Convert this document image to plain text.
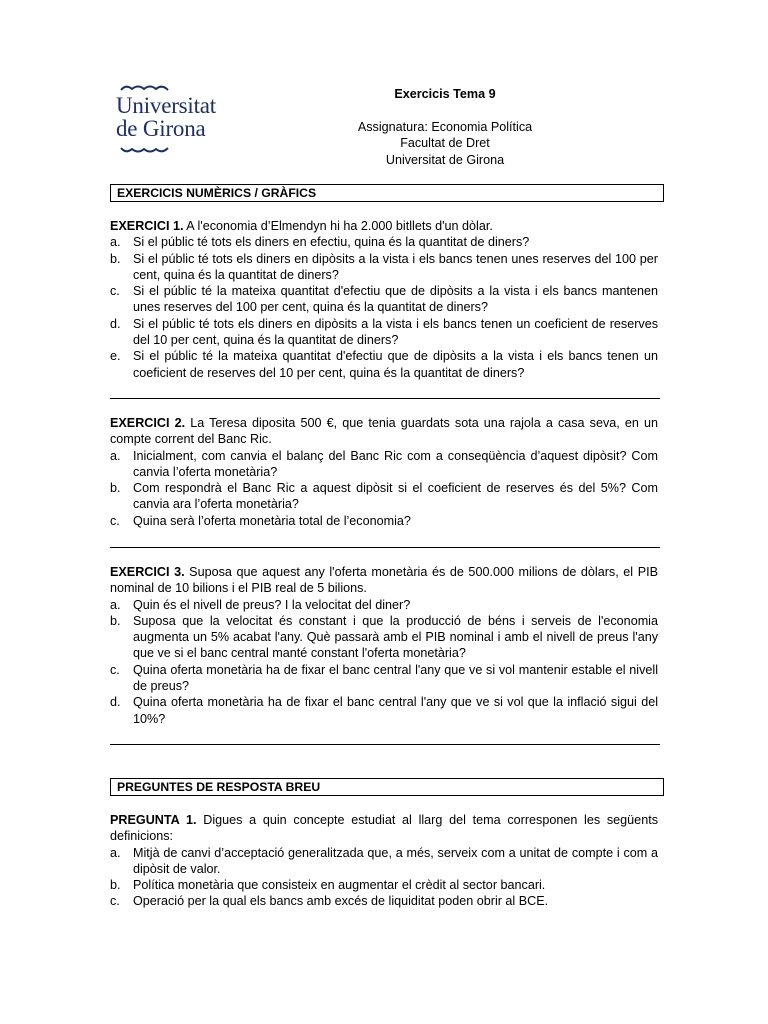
Universitat
de Girona
Exercicis Tema 9
Assignatura: Economia Política
Facultat de Dret
Universitat de Girona
EXERCICIS NUMÈRICS / GRÀFICS
EXERCICI 1. A l'economia d’Elmendyn hi ha 2.000 bitllets d'un dòlar.
a. Si el públic té tots els diners en efectiu, quina és la quantitat de diners?
b. Si el públic té tots els diners en dipòsits a la vista i els bancs tenen unes reserves del 100 per cent, quina és la quantitat de diners?
c.	Si el públic té la mateixa quantitat d'efectiu que de dipòsits a la vista i els bancs mantenen unes reserves del 100 per cent, quina és la quantitat de diners?
d. Si el públic té tots els diners en dipòsits a la vista i els bancs tenen un coeficient de reserves del 10 per cent, quina és la quantitat de diners?
e. Si el públic té la mateixa quantitat d'efectiu que de dipòsits a la vista i els bancs tenen un coeficient de reserves del 10 per cent, quina és la quantitat de diners?
EXERCICI 2. La Teresa diposita 500 €, que tenia guardats sota una rajola a casa seva, en un compte corrent del Banc Ric.
a. Inicialment, com canvia el balanç del Banc Ric com a conseqüència d’aquest dipòsit? Com canvia l’oferta monetària?
b. Com respondrà el Banc Ric a aquest dipòsit si el coeficient de reserves és del 5%? Com canvia ara l’oferta monetària?
c.	Quina serà l’oferta monetària total de l’economia?
EXERCICI 3. Suposa que aquest any l'oferta monetària és de 500.000 milions de dòlars, el PIB nominal de 10 bilions i el PIB real de 5 bilions.
a. Quin és el nivell de preus? I la velocitat del diner?
b. Suposa que la velocitat és constant i que la producció de béns i serveis de l'economia augmenta un 5% acabat l'any. Què passarà amb el PIB nominal i amb el nivell de preus l'any que ve si el banc central manté constant l'oferta monetària?
c.	Quina oferta monetària ha de fixar el banc central l'any que ve si vol mantenir estable el nivell de preus?
d. Quina oferta monetària ha de fixar el banc central l'any que ve si vol que la inflació sigui del 10%?
PREGUNTES DE RESPOSTA BREU
PREGUNTA 1. Digues a quin concepte estudiat al llarg del tema corresponen les següents definicions:
a. Mitjà de canvi d’acceptació generalitzada que, a més, serveix com a unitat de compte i com a dipòsit de valor.
b. Política monetària que consisteix en augmentar el crèdit al sector bancari.
c.	Operació per la qual els bancs amb excés de liquiditat poden obrir al BCE.
